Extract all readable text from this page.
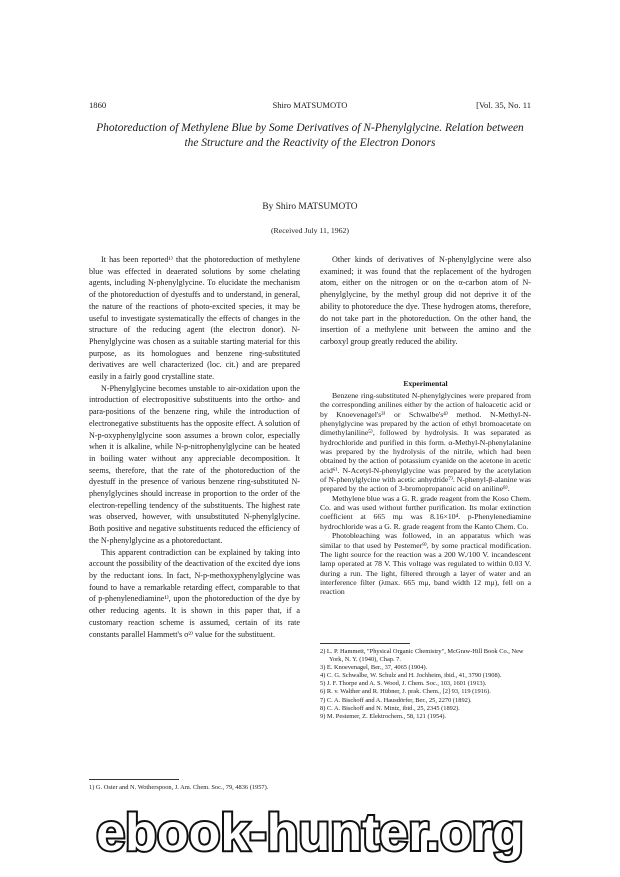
1860	Shiro MATSUMOTO	[Vol. 35, No. 11
Photoreduction of Methylene Blue by Some Derivatives of N-Phenylglycine. Relation between the Structure and the Reactivity of the Electron Donors
By Shiro MATSUMOTO
(Received July 11, 1962)

It has been reported¹⁾ that the photoreduction of methylene blue was effected in deaerated solutions by some chelating agents, including N-phenylglycine. To elucidate the mechanism of the photoreduction of dyestuffs and to understand, in general, the nature of the reactions of photo-excited species, it may be useful to investigate systematically the effects of changes in the structure of the reducing agent (the electron donor). N-Phenylglycine was chosen as a suitable starting material for this purpose, as its homologues and benzene ring-substituted derivatives are well characterized (loc. cit.) and are prepared easily in a fairly good crystalline state.

N-Phenylglycine becomes unstable to air-oxidation upon the introduction of electropositive substituents into the ortho- and para-positions of the benzene ring, while the introduction of electronegative substituents has the opposite effect. A solution of N-p-oxyphenylglycine soon assumes a brown color, especially when it is alkaline, while N-p-nitrophenylglycine can be heated in boiling water without any appreciable decomposition. It seems, therefore, that the rate of the photoreduction of the dyestuff in the presence of various benzene ring-substituted N-phenylglycines should increase in proportion to the order of the electron-repelling tendency of the substituents. The highest rate was observed, however, with unsubstituted N-phenylglycine. Both positive and negative substituents reduced the efficiency of the N-phenylglycine as a photoreductant.

This apparent contradiction can be explained by taking into account the possibility of the deactivation of the excited dye ions by the reductant ions. In fact, N-p-methoxyphenylglycine was found to have a remarkable retarding effect, comparable to that of p-phenylenediamine¹⁾, upon the photoreduction of the dye by other reducing agents. It is shown in this paper that, if a customary reaction scheme is assumed, certain of its rate constants parallel Hammett's σ²⁾ value for the substituent.

Other kinds of derivatives of N-phenylglycine were also examined; it was found that the replacement of the hydrogen atom, either on the nitrogen or on the α-carbon atom of N-phenylglycine, by the methyl group did not deprive it of the ability to photoreduce the dye. These hydrogen atoms, therefore, do not take part in the photoreduction. On the other hand, the insertion of a methylene unit between the amino and the carboxyl group greatly reduced the ability.

Experimental

Benzene ring-substituted N-phenylglycines were prepared from the corresponding anilines either by the action of haloacetic acid or by Knoevenagel's³⁾ or Schwalbe's⁴⁾ method. N-Methyl-N-phenylglycine was prepared by the action of ethyl bromoacetate on dimethylaniline⁵⁾, followed by hydrolysis. It was separated as hydrochloride and purified in this form. α-Methyl-N-phenylalanine was prepared by the hydrolysis of the nitrile, which had been obtained by the action of potassium cyanide on the acetone in acetic acid⁶⁾. N-Acetyl-N-phenylglycine was prepared by the acetylation of N-phenylglycine with acetic anhydride⁷⁾. N-phenyl-β-alanine was prepared by the action of 3-bromopropanoic acid on aniline⁸⁾.

Methylene blue was a G. R. grade reagent from the Koso Chem. Co. and was used without further purification. Its molar extinction coefficient at 665 mμ was 8.16×10⁴. p-Phenylenediamine hydrochloride was a G. R. grade reagent from the Kanto Chem. Co.

Photobleaching was followed, in an apparatus which was similar to that used by Pestemer⁹⁾, by some practical modification. The light source for the reaction was a 200 W./100 V. incandescent lamp operated at 78 V. This voltage was regulated to within 0.03 V. during a run. The light, filtered through a layer of water and an interference filter (λmax. 665 mμ, band width 12 mμ), fell on a reaction

1) G. Oster and N. Wotherspoon, J. Am. Chem. Soc., 79, 4836 (1957).
2) L. P. Hammett, "Physical Organic Chemistry", McGraw-Hill Book Co., New York, N. Y. (1940), Chap. 7.
3) E. Knoevenagel, Ber., 37, 4065 (1904).
4) C. G. Schwalbe, W. Schulz and H. Jochheim, ibid., 41, 3790 (1908).
5) J. F. Thorpe and A. S. Wood, J. Chem. Soc., 103, 1601 (1913).
6) R. v. Walther and R. Hübner, J. prak. Chem., [2] 93, 119 (1916).
7) C. A. Bischoff and A. Hausdörfer, Ber., 25, 2270 (1892).
8) C. A. Bischoff and N. Mintz, ibid., 25, 2345 (1892).
9) M. Pestemer, Z. Elektrochem., 58, 121 (1954).
ebook-hunter.org
